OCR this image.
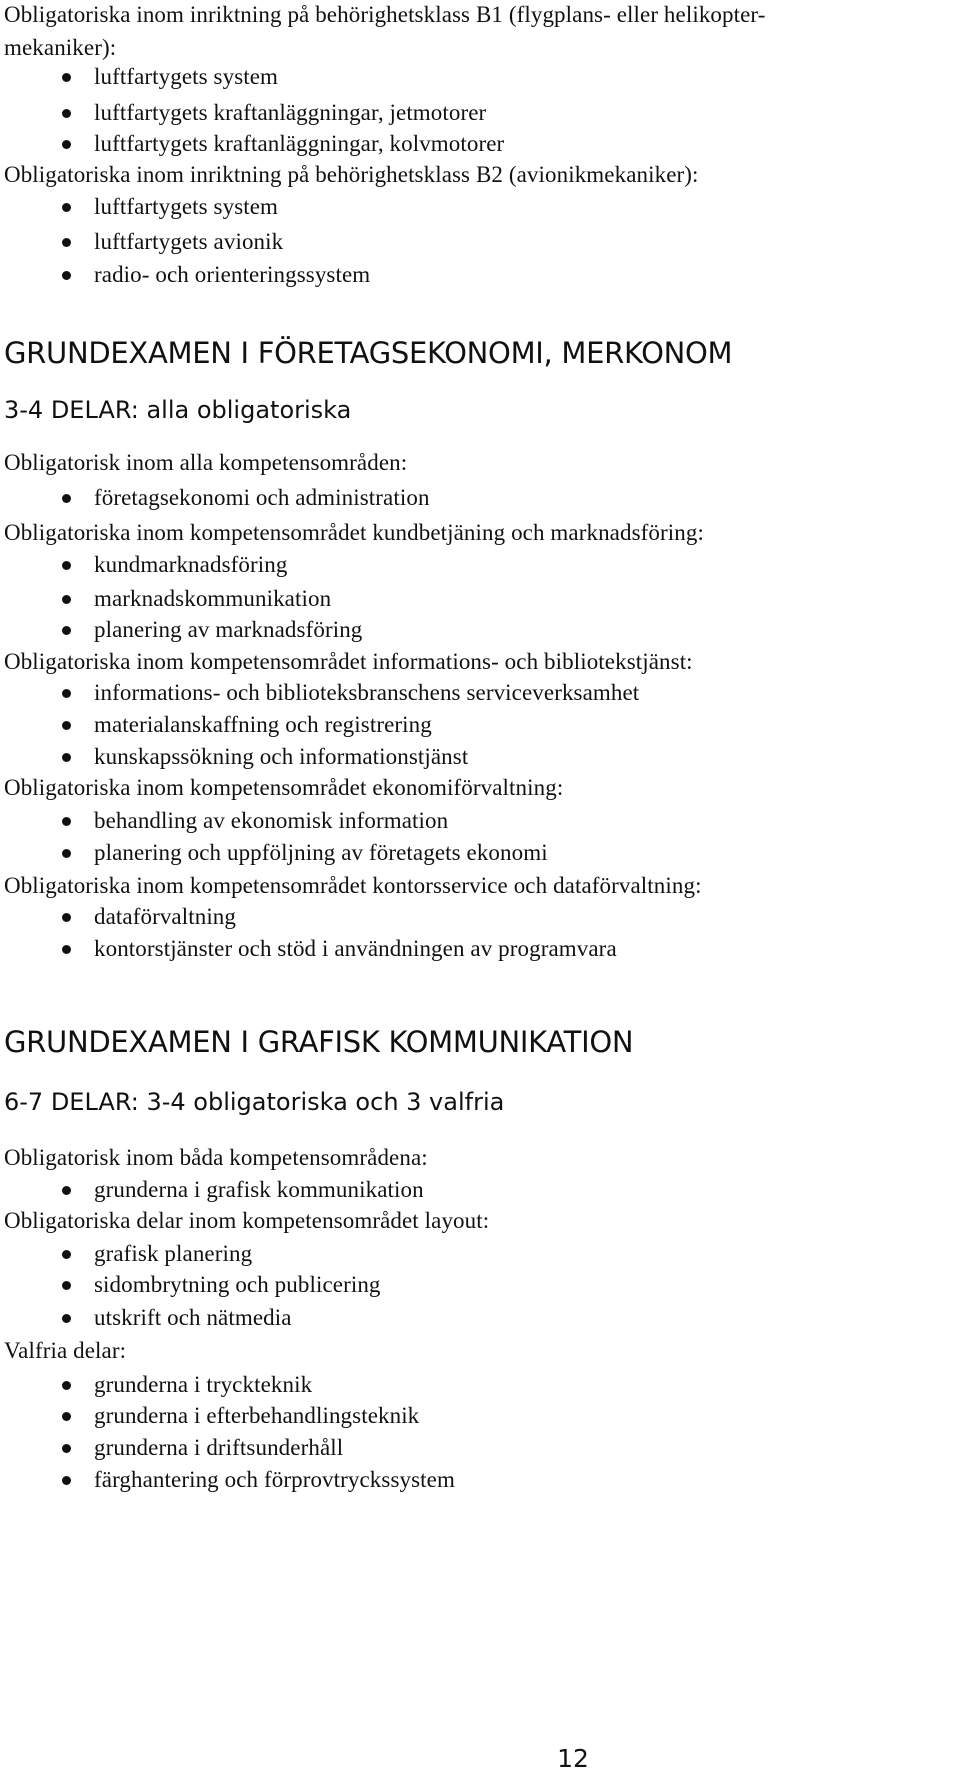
Obligatoriska inom inriktning på behörighetsklass B1 (flygplans- eller helikopter-
mekaniker):
luftfartygets system
luftfartygets kraftanläggningar, jetmotorer
luftfartygets kraftanläggningar, kolvmotorer
Obligatoriska inom inriktning på behörighetsklass B2 (avionikmekaniker):
luftfartygets system
luftfartygets avionik
radio- och orienteringssystem
GRUNDEXAMEN I FÖRETAGSEKONOMI, MERKONOM
3-4 DELAR: alla obligatoriska
Obligatorisk inom alla kompetensområden:
företagsekonomi och administration
Obligatoriska inom kompetensområdet kundbetjäning och marknadsföring:
kundmarknadsföring
marknadskommunikation
planering av marknadsföring
Obligatoriska inom kompetensområdet informations- och bibliotekstjänst:
informations- och biblioteksbranschens serviceverksamhet
materialanskaffning och registrering
kunskapssökning och informationstjänst
Obligatoriska inom kompetensområdet ekonomiförvaltning:
behandling av ekonomisk information
planering och uppföljning av företagets ekonomi
Obligatoriska inom kompetensområdet kontorsservice och dataförvaltning:
dataförvaltning
kontorstjänster och stöd i användningen av programvara
GRUNDEXAMEN I GRAFISK KOMMUNIKATION
6-7 DELAR: 3-4 obligatoriska och 3 valfria
Obligatorisk inom båda kompetensområdena:
grunderna i grafisk kommunikation
Obligatoriska delar inom kompetensområdet layout:
grafisk planering
sidombrytning och publicering
utskrift och nätmedia
Valfria delar:
grunderna i tryckteknik
grunderna i efterbehandlingsteknik
grunderna i driftsunderhåll
färghantering och förprovtryckssystem
12
